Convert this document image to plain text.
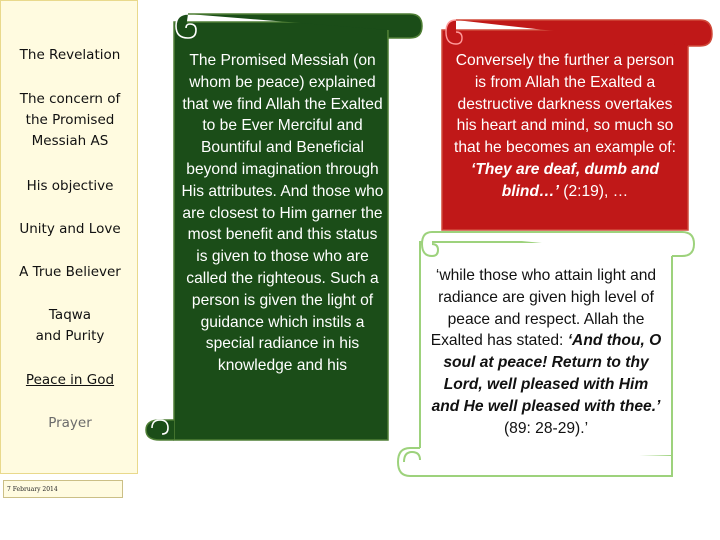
The Revelation
The concern of the Promised Messiah AS
His objective
Unity and Love
A True Believer
Taqwa and Purity
Peace in God
Prayer
7 February 2014
The Promised Messiah (on whom be peace) explained that we find Allah the Exalted to be Ever Merciful and Bountiful and Beneficial beyond imagination through His attributes. And those who are closest to Him garner the most benefit and this status is given to those who are called the righteous. Such a person is given the light of guidance which instils a special radiance in his knowledge and his
Conversely the further a person is from Allah the Exalted a destructive darkness overtakes his heart and mind, so much so that he becomes an example of: ‘They are deaf, dumb and blind…’ (2:19), …
‘while those who attain light and radiance are given high level of peace and respect. Allah the Exalted has stated: ‘And thou, O soul at peace! Return to thy Lord, well pleased with Him and He well pleased with thee.’ (89: 28-29).’
